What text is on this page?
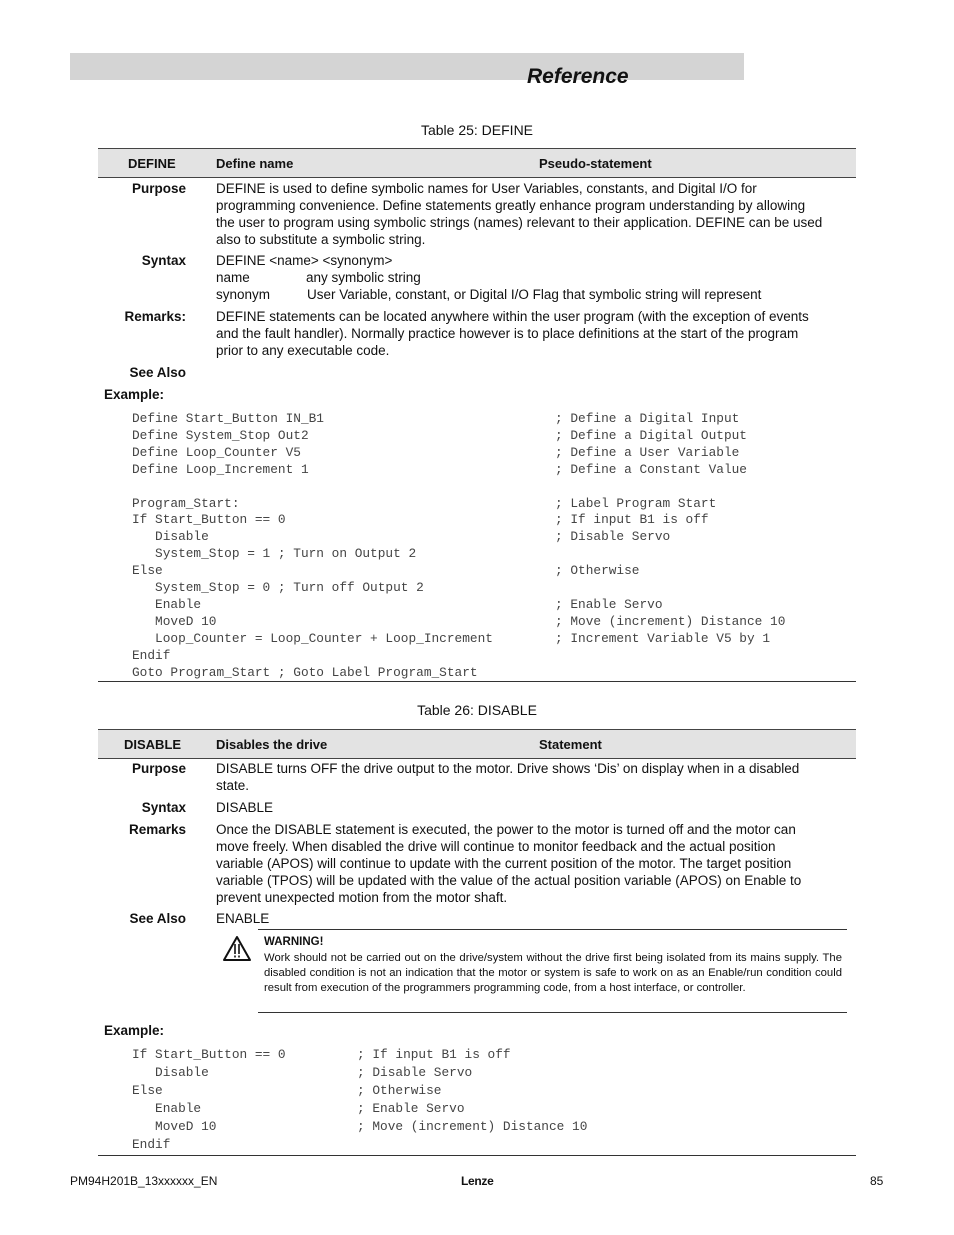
Reference
Table 25: DEFINE
DEFINE	Define name	Pseudo-statement
Purpose DEFINE is used to define symbolic names for User Variables, constants, and Digital I/O for
programming convenience. Define statements greatly enhance program understanding by allowing
the user to program using symbolic strings (names) relevant to their application. DEFINE can be used
also to substitute a symbolic string.
Syntax DEFINE <name> <synonym>
name	any symbolic string
synonym	User Variable, constant, or Digital I/O Flag that symbolic string will represent
Remarks: DEFINE statements can be located anywhere within the user program (with the exception of events
and the fault handler). Normally practice however is to place definitions at the start of the program
prior to any executable code.
See Also
Example:
Define Start_Button IN_B1	; Define a Digital Input
Define System_Stop Out2	; Define a Digital Output
Define Loop_Counter V5	; Define a User Variable
Define Loop_Increment 1	; Define a Constant Value
Program_Start:	; Label Program Start
If Start_Button == 0	; If input B1 is off
Disable	; Disable Servo
System_Stop = 1 ; Turn on Output 2
Else	; Otherwise
System_Stop = 0 ; Turn off Output 2
Enable	; Enable Servo
MoveD 10	; Move (increment) Distance 10
Loop_Counter = Loop_Counter + Loop_Increment	; Increment Variable V5 by 1
Endif
Goto Program_Start ; Goto Label Program_Start
Table 26: DISABLE
DISABLE	Disables the drive	Statement
Purpose DISABLE turns OFF the drive output to the motor. Drive shows ‘Dis’ on display when in a disabled
state.
Syntax DISABLE
Remarks Once the DISABLE statement is executed, the power to the motor is turned off and the motor can
move freely. When disabled the drive will continue to monitor feedback and the actual position
variable (APOS) will continue to update with the current position of the motor. The target position
variable (TPOS) will be updated with the value of the actual position variable (APOS) on Enable to
prevent unexpected motion from the motor shaft.
See Also ENABLE
WARNING!
Work should not be carried out on the drive/system without the drive first being isolated from its mains supply. The disabled condition is not an indication that the motor or system is safe to work on as an Enable/run condition could result from execution of the programmers programming code, from a host interface, or controller.
Example:
If Start_Button == 0	; If input B1 is off
Disable	; Disable Servo
Else	; Otherwise
Enable	; Enable Servo
MoveD 10	; Move (increment) Distance 10
Endif
PM94H201B_13xxxxxx_EN	Lenze	85
